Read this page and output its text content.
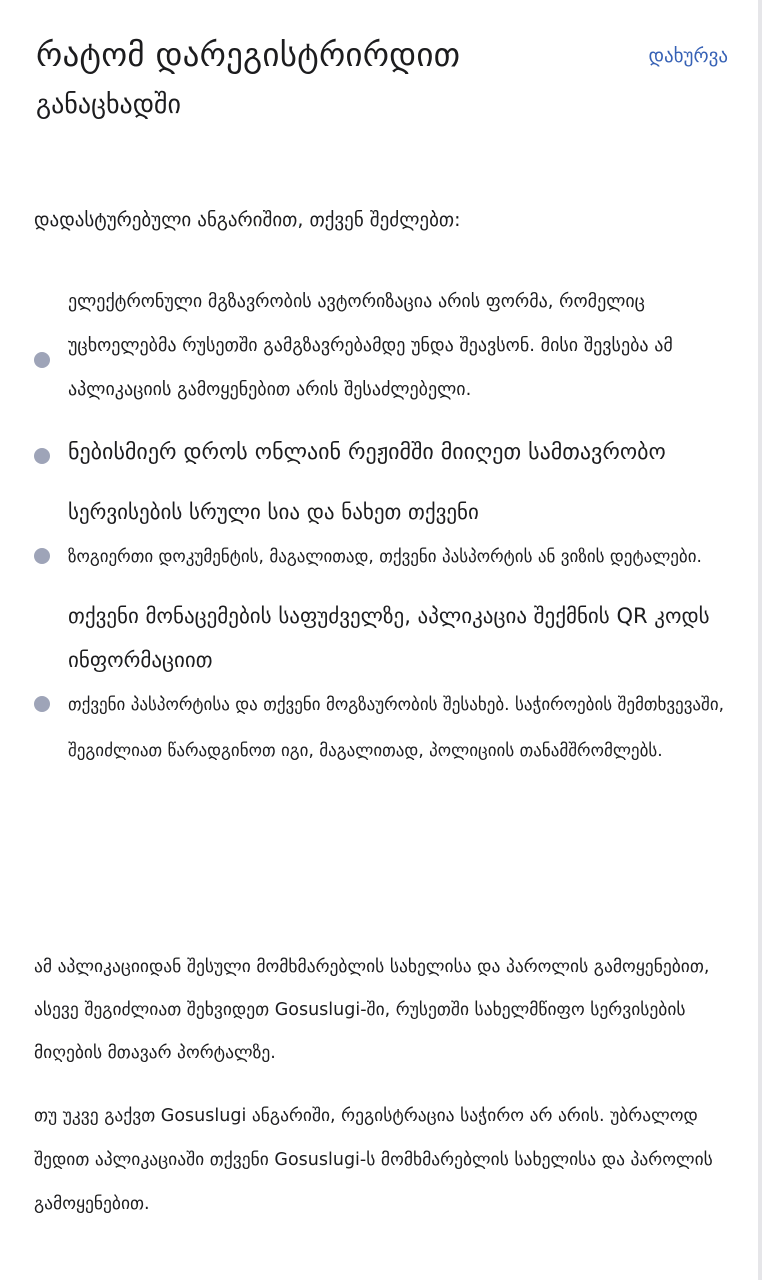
რატომ დარეგისტრირდით
განაცხადში
დახურვა

დადასტურებული ანგარიშით, თქვენ შეძლებთ:

ელექტრონული მგზავრობის ავტორიზაცია არის ფორმა, რომელიც უცხოელებმა რუსეთში გამგზავრებამდე უნდა შეავსონ. მისი შევსება ამ აპლიკაციის გამოყენებით არის შესაძლებელი.

ნებისმიერ დროს ონლაინ რეჟიმში მიიღეთ სამთავრობო

სერვისების სრული სია და ნახეთ თქვენი

ზოგიერთი დოკუმენტის, მაგალითად, თქვენი პასპორტის ან ვიზის დეტალები.

თქვენი მონაცემების საფუძველზე, აპლიკაცია შექმნის QR კოდს ინფორმაციით

თქვენი პასპორტისა და თქვენი მოგზაურობის შესახებ. საჭიროების შემთხვევაში, შეგიძლიათ წარადგინოთ იგი, მაგალითად, პოლიციის თანამშრომლებს.

ამ აპლიკაციიდან შესული მომხმარებლის სახელისა და პაროლის გამოყენებით, ასევე შეგიძლიათ შეხვიდეთ Gosuslugi-ში, რუსეთში სახელმწიფო სერვისების მიღების მთავარ პორტალზე.

თუ უკვე გაქვთ Gosuslugi ანგარიში, რეგისტრაცია საჭირო არ არის. უბრალოდ შედით აპლიკაციაში თქვენი Gosuslugi-ს მომხმარებლის სახელისა და პაროლის გამოყენებით.
